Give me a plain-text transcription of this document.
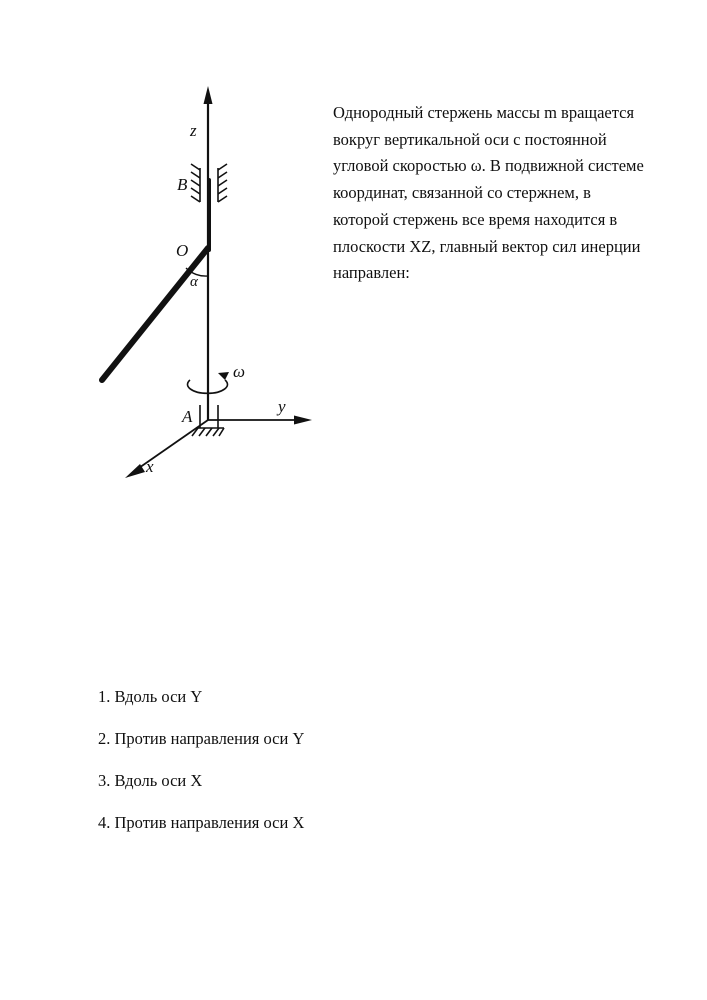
z
B
O
α
ω
A
y
x
Однородный стержень массы m вращается вокруг вертикальной оси с постоянной угловой скоростью ω. В подвижной системе координат, связанной со стержнем, в которой стержень все время находится в плоскости XZ, главный вектор сил инерции направлен:
1. Вдоль оси Y
2. Против направления оси Y
3. Вдоль оси X
4. Против направления оси X
